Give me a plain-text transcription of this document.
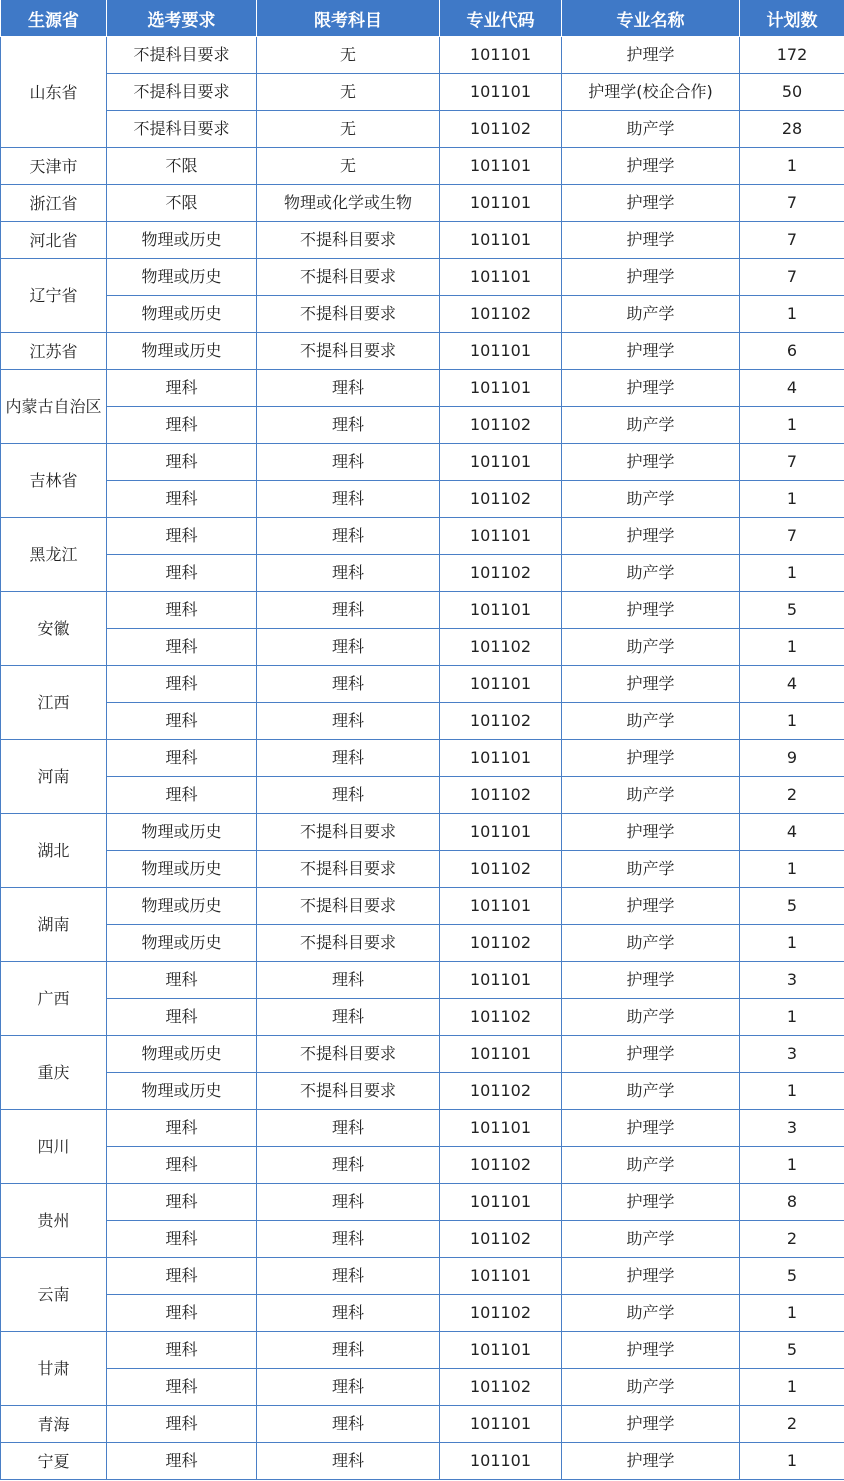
生源省	选考要求	限考科目	专业代码	专业名称	计划数
山东省	不提科目要求	无	101101	护理学	172
	不提科目要求	无	101101	护理学(校企合作)	50
	不提科目要求	无	101102	助产学	28
天津市	不限	无	101101	护理学	1
浙江省	不限	物理或化学或生物	101101	护理学	7
河北省	物理或历史	不提科目要求	101101	护理学	7
辽宁省	物理或历史	不提科目要求	101101	护理学	7
	物理或历史	不提科目要求	101102	助产学	1
江苏省	物理或历史	不提科目要求	101101	护理学	6
内蒙古自治区	理科	理科	101101	护理学	4
	理科	理科	101102	助产学	1
吉林省	理科	理科	101101	护理学	7
	理科	理科	101102	助产学	1
黑龙江	理科	理科	101101	护理学	7
	理科	理科	101102	助产学	1
安徽	理科	理科	101101	护理学	5
	理科	理科	101102	助产学	1
江西	理科	理科	101101	护理学	4
	理科	理科	101102	助产学	1
河南	理科	理科	101101	护理学	9
	理科	理科	101102	助产学	2
湖北	物理或历史	不提科目要求	101101	护理学	4
	物理或历史	不提科目要求	101102	助产学	1
湖南	物理或历史	不提科目要求	101101	护理学	5
	物理或历史	不提科目要求	101102	助产学	1
广西	理科	理科	101101	护理学	3
	理科	理科	101102	助产学	1
重庆	物理或历史	不提科目要求	101101	护理学	3
	物理或历史	不提科目要求	101102	助产学	1
四川	理科	理科	101101	护理学	3
	理科	理科	101102	助产学	1
贵州	理科	理科	101101	护理学	8
	理科	理科	101102	助产学	2
云南	理科	理科	101101	护理学	5
	理科	理科	101102	助产学	1
甘肃	理科	理科	101101	护理学	5
	理科	理科	101102	助产学	1
青海	理科	理科	101101	护理学	2
宁夏	理科	理科	101101	护理学	1
